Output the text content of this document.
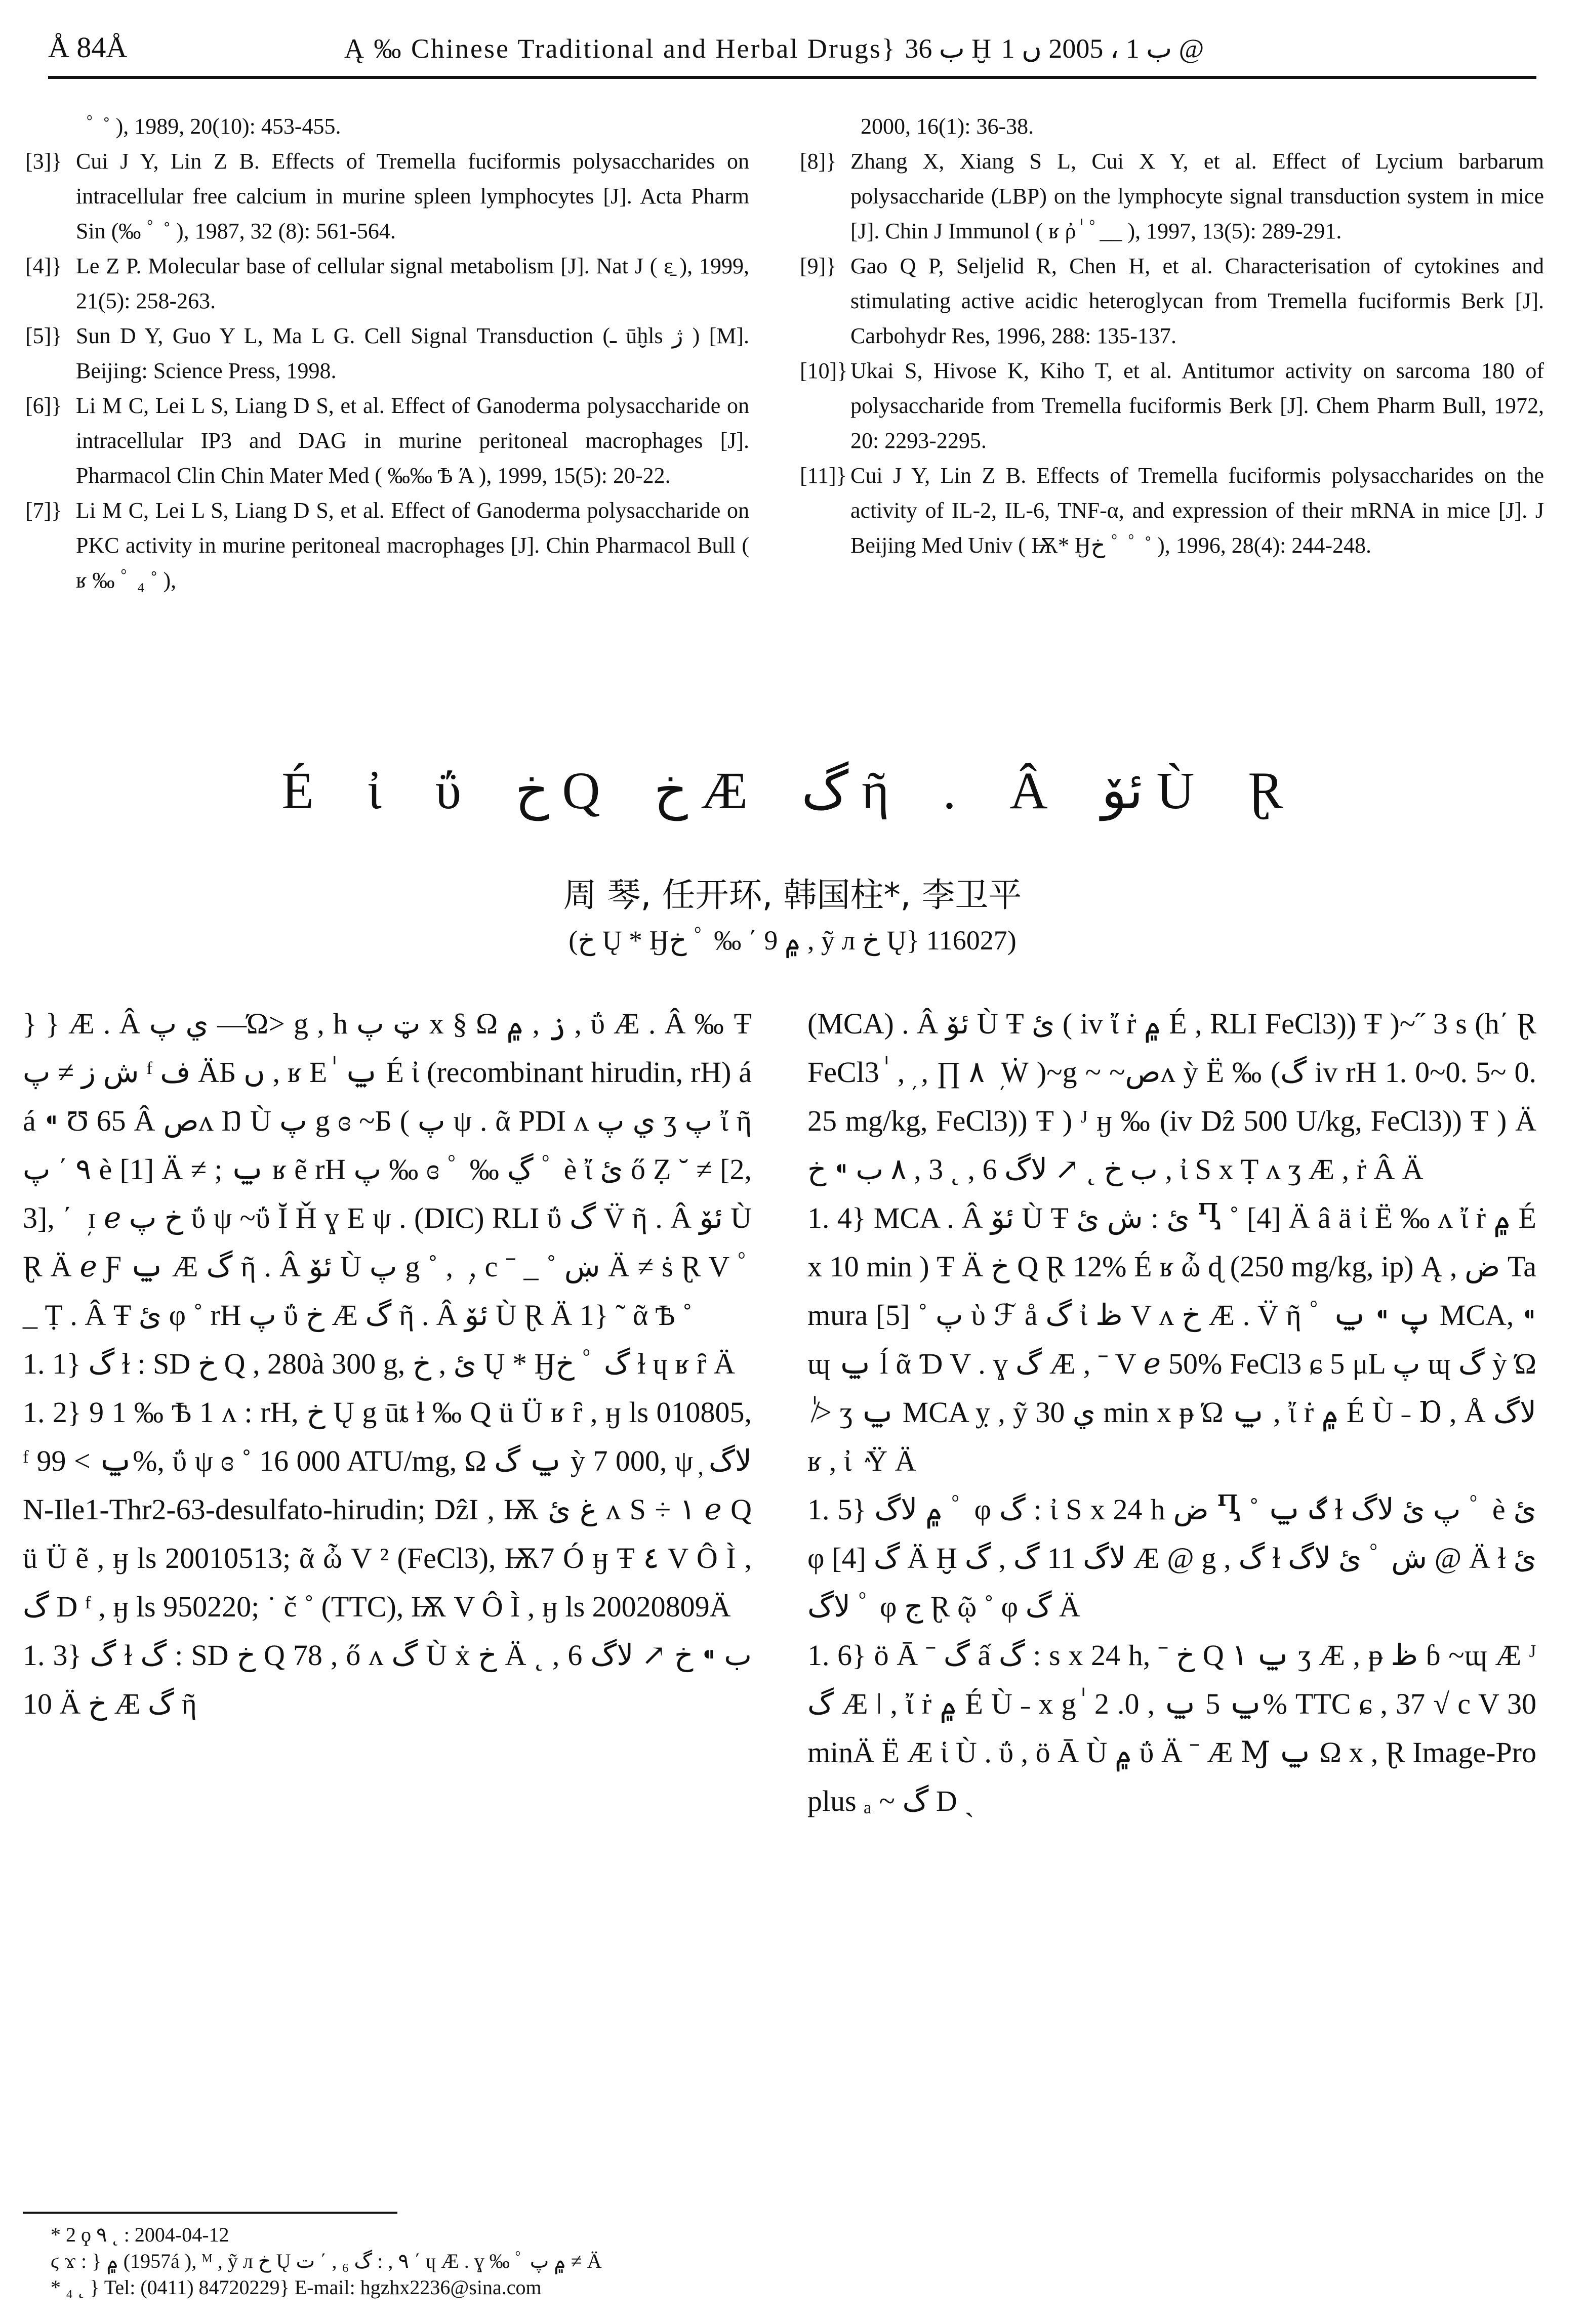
Å 84Å	Ą ‰ Chinese Traditional and Herbal Drugs} ب 36 Ḫ ب 1 ، 2005 ں 1 @
ﾟ ˚ ), 1989, 20(10): 453-455.
[3]} Cui J Y, Lin Z B. Effects of Tremella fuciformis polysaccharides on intracellular free calcium in murine spleen lymphocytes [J]. Acta Pharm Sin (‰ ﾟ ˚ ), 1987, 32 (8): 561-564.
[4]} Le Z P. Molecular base of cellular signal metabolism [J]. Nat J ( ε̱ ), 1999, 21(5): 258-263.
[5]} Sun D Y, Guo Y L, Ma L G. Cell Signal Transduction (ـ ūḫls ژ ) [M]. Beijing: Science Press, 1998.
[6]} Li M C, Lei L S, Liang D S, et al. Effect of Ganoderma polysaccharide on intracellular IP3 and DAG in murine peritoneal macrophages [J]. Pharmacol Clin Chin Mater Med ( ‰‰ Ѣ Ά ), 1999, 15(5): 20-22.
[7]} Li M C, Lei L S, Liang D S, et al. Effect of Ganoderma polysaccharide on PKC activity in murine peritoneal macrophages [J]. Chin Pharmacol Bull ( ʁ ‰ ﾟ ₄ ˚ ),
2000, 16(1): 36-38.
[8]} Zhang X, Xiang S L, Cui X Y, et al. Effect of Lycium barbarum polysaccharide (LBP) on the lymphocyte signal transduction system in mice [J]. Chin J Immunol ( ʁ ῤ ٰ ﾟ__ ), 1997, 13(5): 289-291.
[9]} Gao Q P, Seljelid R, Chen H, et al. Characterisation of cytokines and stimulating active acidic heteroglycan from Tremella fuciformis Berk [J]. Carbohydr Res, 1996, 288: 135-137.
[10]} Ukai S, Hivose K, Kiho T, et al. Antitumor activity on sarcoma 180 of polysaccharide from Tremella fuciformis Berk [J]. Chem Pharm Bull, 1972, 20: 2293-2295.
[11]} Cui J Y, Lin Z B. Effects of Tremella fuciformis polysaccharides on the activity of IL-2, IL-6, TNF-α, and expression of their mRNA in mice [J]. J Beijing Med Univ ( Ѭ* Ӈخ ﾟ ﾟ ˚ ), 1996, 28(4): 244-248.
É ἰ ΰ خ Q خ Æ گ ῆ . Â ئۆ Ù Ɽ
周 琴, 任开环, 韩国柱*, 李卫平
(خ Ų * Ӈخ ﾟ ‰ ΄ ۾ 9 , ỹ л خ Ų} 116027)

} } Æ . Â ي پ —Ώ> g , h ټ پ x § Ω ز , ۾ , ΰ Æ . Â ‰ Ŧ ش ز ≠ پ ᶠ ف ÄБ ں , ʁ E ٰ ݐ É ἰ (recombinant hirudin, rH) á á ⁌ Ʊ 65 Â صʌ Ŋ Ù پ g ɞ ~Б ( پ ψ . ᾶ PDI ʌ ي پ ʒ پ ἴ ῆ ٩ ΄ پ è [1] Ä ≠ ; ݐ ʁ ẽ rH پ ‰ ɞ ﾟ ‰ ڲ ﾟ è ἴ ئ ő Ẓ ˘ ≠ [2, 3], ΄ ܼ ɪ ℯ خ پ ΰ ψ ~ΰ Ĭ Ȟ ɣ E ψ . (DIC) RLI ΰ گ V̈ ῆ . Â ئۆ Ù Ɽ Ä ℯ Ƒ ݐ Æ گ ῆ . Â ئۆ Ù پ g ˚ , ܼ , c ˉ _ ˚ ښ Ä ≠ ṡ Ɽ V ﾟ _ Ṭ . Â Ŧ ئ φ ˚ rH پ ΰ خ Æ گ ῆ . Â ئۆ Ù Ɽ Ä 1} ˜ ᾶ Ѣ ˚

1. 1} گ ɫ : SD خ Q , 280à 300 g, ئ , خ Ų * Ӈخ ﾟ گ ɫ ɥ ʁ ȓ Ä

1. 2} 9 1 ‰ Ѣ 1 ʌ : rH, خ Ų g ūȶ ɫ ‰ Q ü Ü ʁ ȓ , ӈ ls 010805, ᶠ ݐ > 99%, ΰ ψ ɞ ˚ 16 000 ATU/mg, Ω ݐ گ ỳ 7 000, ψ ̦ لاگ N-Ile1-Thr2-63-desulfato-hirudin; DẑI , Ѭ غ ئ ʌ S ÷ ١ ℯ Q ü Ü ẽ , ӈ ls 20010513; ᾶ ὦ V ² (FeCl3), Ѭ7 Ó ӈ Ŧ ٤ V Ô Ì , گ D ᶠ , ӈ ls 950220; ˙ č ˚ (TTC), Ѭ V Ô Ì , ӈ ls 20020809Ä

1. 3} گ ɫ گ : SD خ Q 78 , ő ʌ گ Ù ẋ خ Ä ب ⁌ خ ↗ لاگ 6 , ˛ 10 Ä خ Æ گ ῆ

(MCA) . Â ئۆ Ù Ŧ ئ ( iv ἴ ṙ ۾ É , RLI FeCl3)) Ŧ )~˝ 3 s (h΄ Ɽ FeCl3 ٰ , ܼ , ∏ ٨ ܼ Ẇ )~g ~ ~صʌ ỳ Ë ‰ (گ iv rH 1. 0~0. 5~ 0. 25 mg/kg, FeCl3)) Ŧ ) ᴶ ӈ ‰ (iv Dẑ 500 U/kg, FeCl3)) Ŧ ) Ä ب خ ˛ ↗ لاگ 6 , ˛ 3 , ٨ ب ⁌ خ , ἰ S x Ṭ ʌ ʒ Æ , ṙ Â Ä

1. 4} MCA . Â ئۆ Ù Ŧ ئ : ش ئ Ⴂ ˚ [4] Ä â ä ἰ Ë ‰ ʌ ἴ ṙ ۾ É x 10 min ) Ŧ Ä خ Q Ɽ 12% É ʁ ὦ ɖ (250 mg/kg, ip) Ą , ض Tamura پ ˚ [5] ὺ ℱ å گ ἰ ظ V ʌ خ Æ . V̈ ῆ ﾟ پ ⁌ ݐ MCA, ⁌ ɰ ݐ ĺ ᾶ Ɗ V . ɣ گ Æ , ˉ V ℯ 50% FeCl3 ɕ 5 μL پ ɰ گ ỳ Ώ ٰ ≯ ʒ ݐ MCA ỵ , ỹ ي 30 min x ᵽ Ώ ݐ , ἴ ṙ ۾ É Ù ˗ Ɒ , Å لاگ ʁ , ἰ ٛ Ÿ Ä

1. 5} ۾ لاگ ﾟ φ گ : ἰ S x 24 h ض Ⴂ ˚ گ ݐ ɫ پ ئ لاگ ﾟ è ئ φ گ [4] Ä Ḫ لاگ 11 گ , گ Æ @ g , گ ɫ ئ لاگ ﾟ ش @ Ä ɫ ئ لاگ ﾟ φ ج Ɽ ῷ ˚ φ گ Ä

1. 6} ö Ā ˉ گ ấ گ : s x 24 h, ˉ خ Q ݐ ١ ʒ Æ , ᵽ ظ ɓ ~ɰ Æ ᴶ گ Æ ǀ , ἴ ṙ ۾ É Ù ˗ x g ٰ ݐ 5 ݐ , 0. 2% TTC ɕ , 37 √ c V 30 minÄ Ë Æ ἱ Ù . ΰ , ö Ā Ù ۾ ΰ Ä ˉ Æ Ɱ ݐ Ω x , Ɽ Image-Pro plus ₐ ~ گ D ˏ

* 2 ϙ ٩ ˛ : 2004-04-12

ϛ ϫ : } ۾ (1957á ), ᴹ , ỹ л خ Ų ٩ , : گ ₆ , ΄ ت ΄ ɥ Æ . ɣ ‰ ﾟ ۾ پ ≠ Ä

* ₄ ˛ } Tel: (0411) 84720229} E-mail: hgzhx2236@sina.com
